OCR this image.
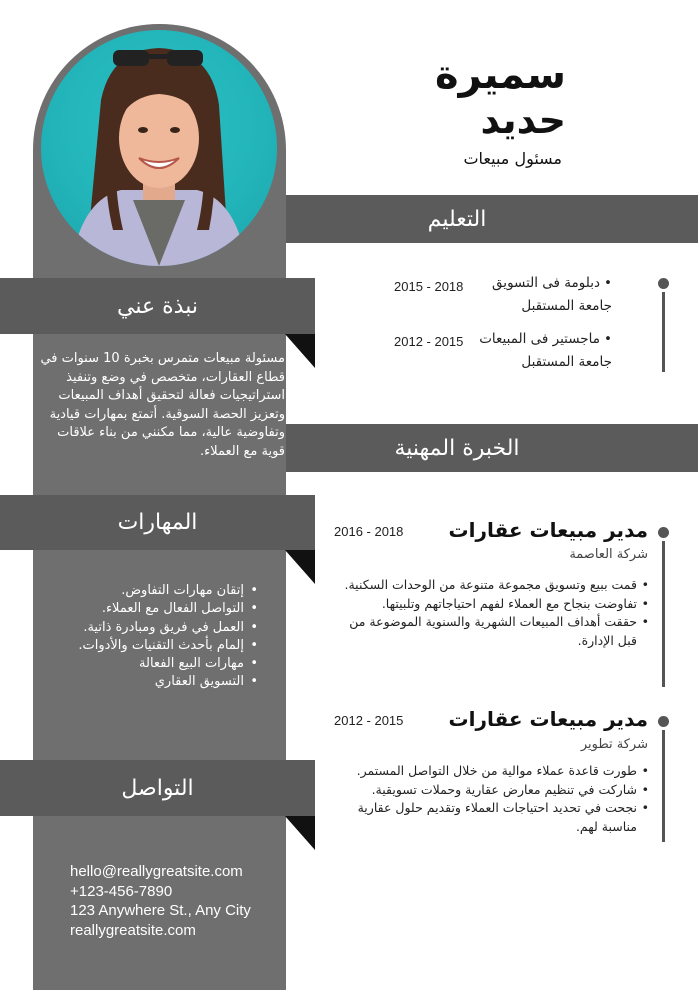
سميرة
حديد
مسئول مبيعات
التعليم
•
دبلومة فى التسويق
جامعة المستقبل
2015 - 2018
•
ماجستير فى المبيعات
جامعة المستقبل
2012 - 2015
نبذة عني
مسئولة مبيعات متمرس بخبرة 10 سنوات في قطاع العقارات، متخصص في وضع وتنفيذ استراتيجيات فعالة لتحقيق أهداف المبيعات وتعزيز الحصة السوقية. أتمتع بمهارات قيادية وتفاوضية عالية، مما مكنني من بناء علاقات قوية مع العملاء.	الخبرة المهنية
مدير مبيعات عقارات
2016 - 2018
شركة العاصمة
• قمت ببيع وتسويق مجموعة متنوعة من الوحدات السكنية.
• تفاوضت بنجاح مع العملاء لفهم احتياجاتهم وتلبيتها.
• حققت أهداف المبيعات الشهرية والسنوية الموضوعة من قبل الإدارة.
مدير مبيعات عقارات
2012 - 2015
شركة تطوير
• طورت قاعدة عملاء موالية من خلال التواصل المستمر.
• شاركت في تنظيم معارض عقارية وحملات تسويقية.
• نجحت في تحديد احتياجات العملاء وتقديم حلول عقارية مناسبة لهم.
المهارات
• إتقان مهارات التفاوض.
• التواصل الفعال مع العملاء.
• العمل في فريق ومبادرة ذاتية.
• إلمام بأحدث التقنيات والأدوات.
• مهارات البيع الفعالة
• التسويق العقاري
التواصل
hello@reallygreatsite.com
+123-456-7890
123 Anywhere St., Any City
reallygreatsite.com
